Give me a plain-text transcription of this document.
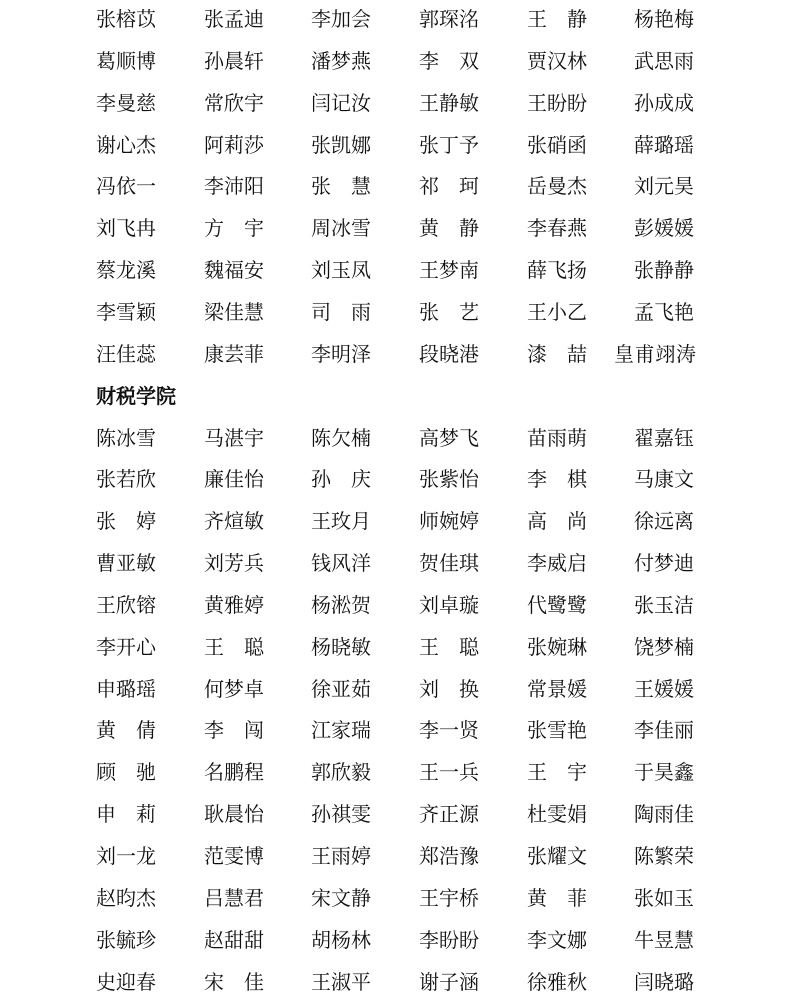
张榕苡 张孟迪 李加会 郭琛洺 王静 杨艳梅
葛顺博 孙晨轩 潘梦燕 李双 贾汉林 武思雨
李曼慈 常欣宇 闫记汝 王静敏 王盼盼 孙成成
谢心杰 阿莉莎 张凯娜 张丁予 张硝函 薛璐瑶
冯依一 李沛阳 张慧 祁珂 岳曼杰 刘元昊
刘飞冉 方宇 周冰雪 黄静 李春燕 彭媛媛
蔡龙溪 魏福安 刘玉凤 王梦南 薛飞扬 张静静
李雪颖 梁佳慧 司雨 张艺 王小乙 孟飞艳
汪佳蕊 康芸菲 李明泽 段晓港 漆喆 皇甫翊涛
财税学院
陈冰雪 马湛宇 陈欠楠 高梦飞 苗雨萌 翟嘉钰
张若欣 廉佳怡 孙庆 张紫怡 李棋 马康文
张婷 齐煊敏 王玫月 师婉婷 高尚 徐远离
曹亚敏 刘芳兵 钱风洋 贺佳琪 李威启 付梦迪
王欣镕 黄雅婷 杨淞贺 刘卓璇 代鹭鹭 张玉洁
李开心 王聪 杨晓敏 王聪 张婉琳 饶梦楠
申璐瑶 何梦卓 徐亚茹 刘换 常景媛 王媛媛
黄倩 李闯 江家瑞 李一贤 张雪艳 李佳丽
顾驰 名鹏程 郭欣毅 王一兵 王宇 于昊鑫
申莉 耿晨怡 孙祺雯 齐正源 杜雯娟 陶雨佳
刘一龙 范雯博 王雨婷 郑浩豫 张耀文 陈繁荣
赵昀杰 吕慧君 宋文静 王宇桥 黄菲 张如玉
张毓珍 赵甜甜 胡杨林 李盼盼 李文娜 牛昱慧
史迎春 宋佳 王淑平 谢子涵 徐雅秋 闫晓璐
